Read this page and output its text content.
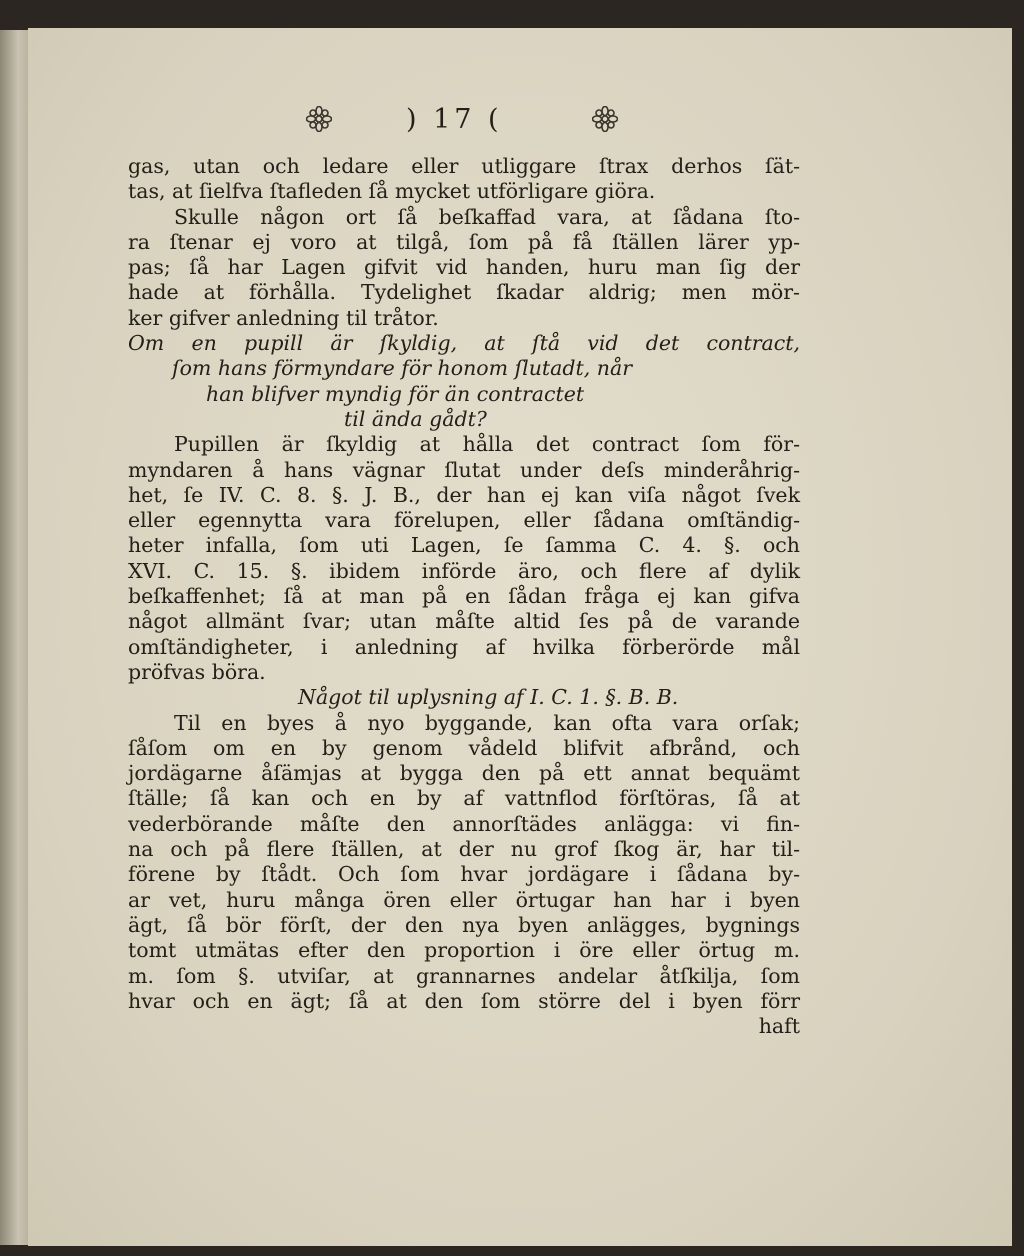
) 17 (
gas, utan och ledare eller utliggare ſtrax derhos ſät-
tas, at ſielfva ſtafleden ſå mycket utförligare giöra.
Skulle någon ort ſå beſkaffad vara, at ſådana ſto-
ra ſtenar ej voro at tilgå, ſom på få ſtällen lärer yp-
pas; ſå har Lagen gifvit vid handen, huru man ſig der
hade at förhålla. Tydelighet ſkadar aldrig; men mör-
ker gifver anledning til tråtor.
Om en pupill är ſkyldig, at ſtå vid det contract,
ſom hans förmyndare för honom ſlutadt, når
han blifver myndig för än contractet
til ända gådt?
Pupillen är ſkyldig at hålla det contract ſom för-
myndaren å hans vägnar ſlutat under deſs minderåhrig-
het, ſe IV. C. 8. §. J. B., der han ej kan viſa något ſvek
eller egennytta vara förelupen, eller ſådana omſtändig-
heter infalla, ſom uti Lagen, ſe ſamma C. 4. §. och
XVI. C. 15. §. ibidem införde äro, och flere af dylik
beſkaffenhet; ſå at man på en ſådan fråga ej kan gifva
något allmänt ſvar; utan måſte altid ſes på de varande
omſtändigheter, i anledning af hvilka förberörde mål
pröfvas böra.
Något til uplysning af I. C. 1. §. B. B.
Til en byes å nyo byggande, kan ofta vara orſak;
ſåſom om en by genom vådeld blifvit afbrånd, och
jordägarne åſämjas at bygga den på ett annat bequämt
ſtälle; ſå kan och en by af vattnflod förſtöras, ſå at
vederbörande måſte den annorſtädes anlägga: vi fin-
na och på flere ſtällen, at der nu grof ſkog är, har til-
förene by ſtådt. Och ſom hvar jordägare i ſådana by-
ar vet, huru många ören eller örtugar han har i byen
ägt, ſå bör förſt, der den nya byen anlägges, bygnings
tomt utmätas efter den proportion i öre eller örtug m.
m. ſom §. utviſar, at grannarnes andelar åtſkilja, ſom
hvar och en ägt; ſå at den ſom större del i byen förr
haft
